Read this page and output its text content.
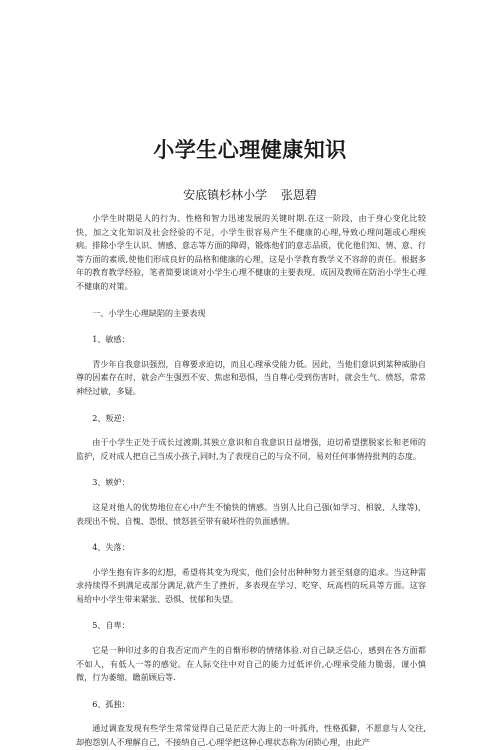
小学生心理健康知识
安底镇杉林小学 张恩碧

小学生时期是人的行为、性格和智力迅速发展的关键时期.在这一阶段，由于身心变化比较快，加之文化知识及社会经验的不足，小学生很容易产生不健康的心理,导致心理问题或心理疾病。排除小学生认识、情感、意志等方面的障碍，锻炼他们的意志品质，优化他们知、情、意、行等方面的素质,使他们形成良好的品格和健康的心理，这是小学教育教学义不容辞的责任。根据多年的教育教学经验，笔者简要谈谈对小学生心理不健康的主要表现、成因及教师在防治小学生心理不健康的对策。

一、小学生心理缺陷的主要表现

1、敏感：

青少年自我意识强烈，自尊要求迫切，而且心理承受能力低。因此，当他们意识到某种威胁自尊的因素存在时，就会产生强烈不安、焦虑和恐惧，当自尊心受到伤害时，就会生气、愤怒，常常神经过敏，多疑。

2、叛逆：

由于小学生正处于成长过渡期,其独立意识和自我意识日益增强，迫切希望摆脱家长和老师的监护，反对成人把自己当成小孩子,同时,为了表现自己的与众不同，易对任何事情持批判的态度。

3、嫉妒：

这是对他人的优势地位在心中产生不愉快的情感。当别人比自己强(如学习、相貌、人缘等)，表现出不悦、自愧、怨恨、愤怒甚至带有破坏性的负面感情。

4、失落：

小学生抱有许多的幻想，希望将其变为现实，他们会付出种种努力甚至刻意的追求。当这种需求持续得不到满足或部分满足,就产生了挫折，多表现在学习、吃穿、玩高档的玩具等方面。这容易给中小学生带来紧张、恐惧、忧郁和失望。

5、自卑：

它是一种印过多的自我否定而产生的自惭形秽的情绪体验.对自己缺乏信心，感到在各方面都不如人，有低人一等的感觉。在人际交往中对自己的能力过低评价,心理承受能力脆弱，谨小慎微，行为萎缩，瞻前顾后等.

6、孤独：

通过调查发现有些学生常常觉得自己是茫茫大海上的一叶孤舟，性格孤僻，不愿意与人交往,却抱怨别人不理解自己，不接纳自己.心理学把这种心理状态称为闭锁心理，由此产
